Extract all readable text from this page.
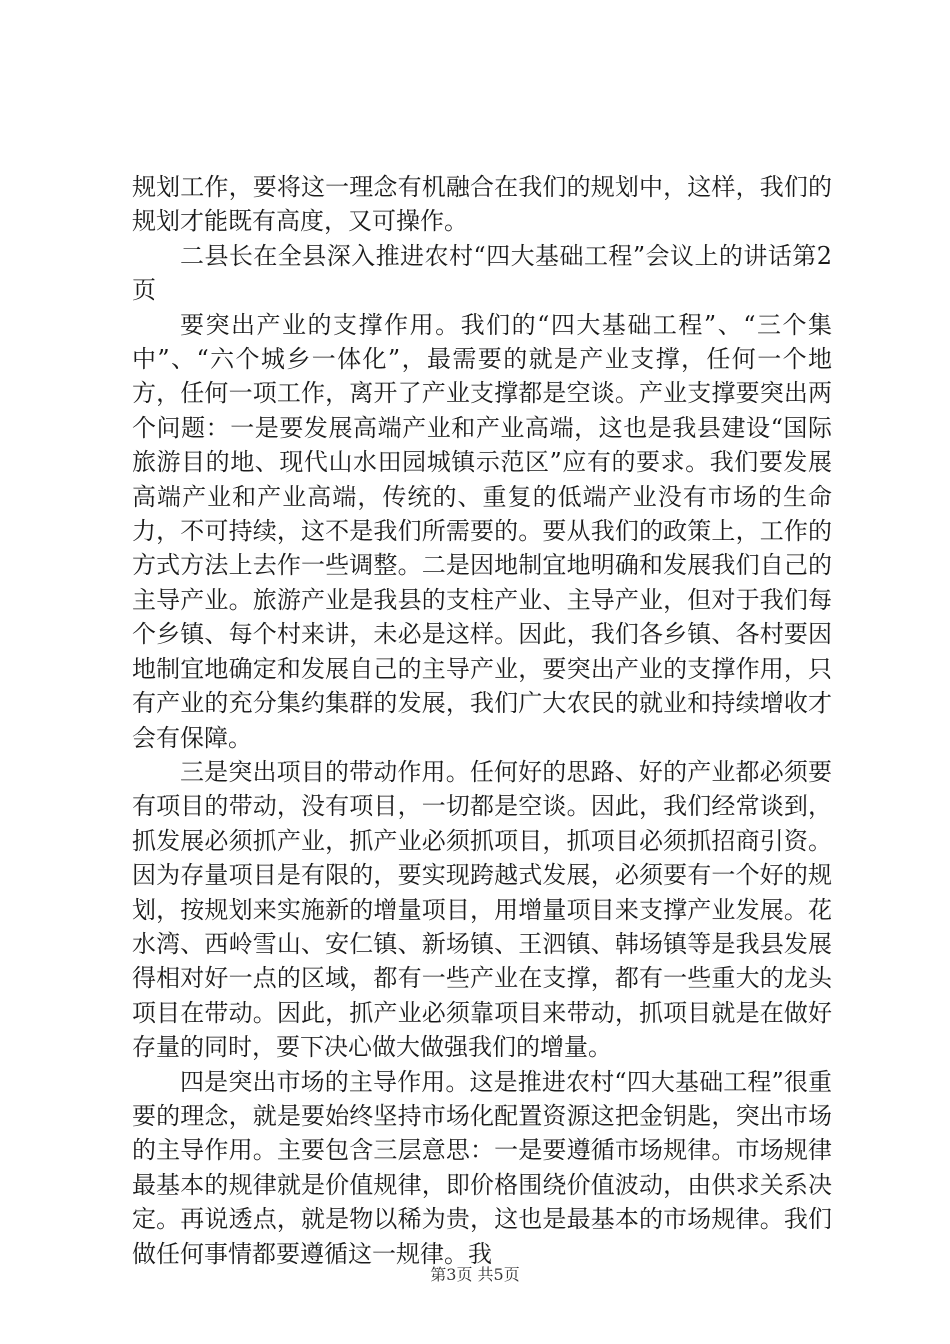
规划工作，要将这一理念有机融合在我们的规划中，这样，我们的规划才能既有高度，又可操作。

二县长在全县深入推进农村“四大基础工程”会议上的讲话第2页

要突出产业的支撑作用。我们的“四大基础工程”、“三个集中”、“六个城乡一体化”，最需要的就是产业支撑，任何一个地方，任何一项工作，离开了产业支撑都是空谈。产业支撑要突出两个问题：一是要发展高端产业和产业高端，这也是我县建设“国际旅游目的地、现代山水田园城镇示范区”应有的要求。我们要发展高端产业和产业高端，传统的、重复的低端产业没有市场的生命力，不可持续，这不是我们所需要的。要从我们的政策上，工作的方式方法上去作一些调整。二是因地制宜地明确和发展我们自己的主导产业。旅游产业是我县的支柱产业、主导产业，但对于我们每个乡镇、每个村来讲，未必是这样。因此，我们各乡镇、各村要因地制宜地确定和发展自己的主导产业，要突出产业的支撑作用，只有产业的充分集约集群的发展，我们广大农民的就业和持续增收才会有保障。

三是突出项目的带动作用。任何好的思路、好的产业都必须要有项目的带动，没有项目，一切都是空谈。因此，我们经常谈到，抓发展必须抓产业，抓产业必须抓项目，抓项目必须抓招商引资。因为存量项目是有限的，要实现跨越式发展，必须要有一个好的规划，按规划来实施新的增量项目，用增量项目来支撑产业发展。花水湾、西岭雪山、安仁镇、新场镇、王泗镇、韩场镇等是我县发展得相对好一点的区域，都有一些产业在支撑，都有一些重大的龙头项目在带动。因此，抓产业必须靠项目来带动，抓项目就是在做好存量的同时，要下决心做大做强我们的增量。

四是突出市场的主导作用。这是推进农村“四大基础工程”很重要的理念，就是要始终坚持市场化配置资源这把金钥匙，突出市场的主导作用。主要包含三层意思：一是要遵循市场规律。市场规律最基本的规律就是价值规律，即价格围绕价值波动，由供求关系决定。再说透点，就是物以稀为贵，这也是最基本的市场规律。我们做任何事情都要遵循这一规律。我

第3页 共5页
